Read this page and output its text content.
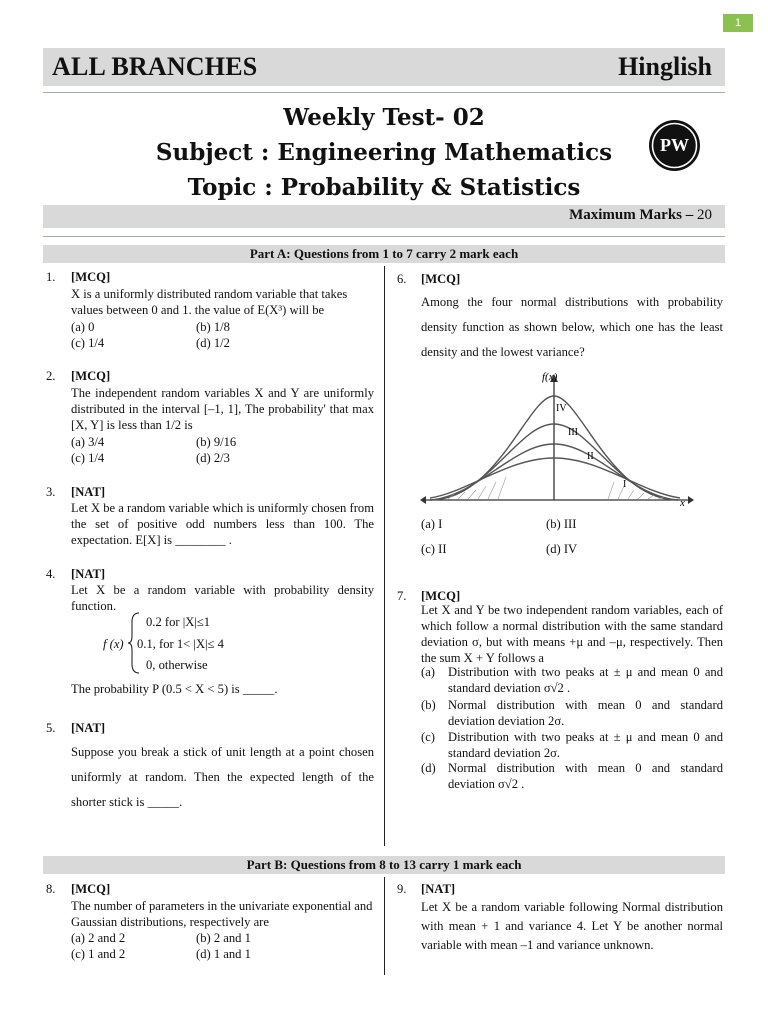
1
ALL BRANCHES	Hinglish
Weekly Test- 02
Subject : Engineering Mathematics
Topic : Probability & Statistics
PW
Maximum Marks – 20
Part A: Questions from 1 to 7 carry 2 mark each
1. [MCQ]
X is a uniformly distributed random variable that takes values between 0 and 1. the value of E(X³) will be
(a) 0	(b) 1/8
(c) 1/4	(d) 1/2
2. [MCQ]
The independent random variables X and Y are uniformly distributed in the interval [–1, 1], The probability' that max [X, Y] is less than 1/2 is
(a) 3/4	(b) 9/16
(c) 1/4	(d) 2/3
3. [NAT]
Let X be a random variable which is uniformly chosen from the set of positive odd numbers less than 100. The expectation. E[X] is ________ .
4. [NAT]
Let X be a random variable with probability density function.
f (x)
0.2 for |X|≤1
0.1, for 1< |X|≤ 4
0, otherwise
The probability P (0.5 < X < 5) is _____.
5. [NAT]
Suppose you break a stick of unit length at a point chosen uniformly at random. Then the expected length of the shorter stick is _____.
6. [MCQ]
Among the four normal distributions with probability density function as shown below, which one has the least density and the lowest variance?
f(x)
x
IV
III
II
I
(a) I	(b) III
(c) II	(d) IV
7. [MCQ]
Let X and Y be two independent random variables, each of which follow a normal distribution with the same standard deviation σ, but with means +μ and –μ, respectively. Then the sum X + Y follows a
(a) Distribution with two peaks at ± μ and mean 0 and standard deviation σ√2 .
(b) Normal distribution with mean 0 and standard deviation deviation 2σ.
(c) Distribution with two peaks at ± μ and mean 0 and standard deviation 2σ.
(d) Normal distribution with mean 0 and standard deviation σ√2 .
Part B: Questions from 8 to 13 carry 1 mark each
8. [MCQ]
The number of parameters in the univariate exponential and Gaussian distributions, respectively are
(a) 2 and 2	(b) 2 and 1
(c) 1 and 2	(d) 1 and 1
9. [NAT]
Let X be a random variable following Normal distribution with mean + 1 and variance 4. Let Y be another normal variable with mean –1 and variance unknown.
